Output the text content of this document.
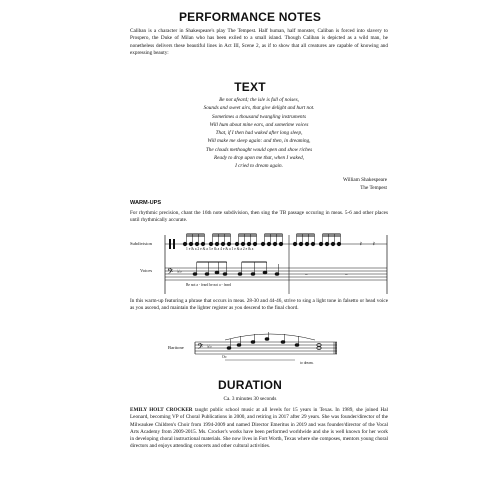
PERFORMANCE NOTES

Caliban is a character in Shakespeare's play The Tempest. Half human, half monster, Caliban is forced into slavery to Prospero, the Duke of Milan who has been exiled to a small island. Though Caliban is depicted as a wild man, he nonetheless delivers these beautiful lines in Act III, Scene 2, as if to show that all creatures are capable of knowing and expressing beauty:

TEXT
Be not afeard; the isle is full of noises,
Sounds and sweet airs, that give delight and hurt not.
Sometimes a thousand twangling instruments
Will hum about mine ears, and sometime voices
That, if I then had waked after long sleep,
Will make me sleep again: and then, in dreaming,
The clouds methought would open and show riches
Ready to drop upon me that, when I waked,
I cried to dream again.
William Shakespeare
The Tempest
WARM-UPS

For rhythmic precision, chant the 16th note subdivision, then sing the TB passage occuring in meas. 5-6 and other places until rhythmically accurate.

Subdivision
Voices
𝄽 𝄽
𝄢 ♭♭	𝄼	𝄼
1 e & a 2 e & a 3 e & a 4 e & a 1 e & a 2 e & a
Be not a - feard be not a - feard

In this warm-up featuring a phrase that occurs in meas. 28-30 and 44-46, strive to sing a light tone in falsetto or head voice as you ascend, and maintain the lighter register as you descend to the final chord.

Baritone 𝄢 ♭♭
Oo
to dream.
DURATION
Ca. 3 minutes 30 seconds

EMILY HOLT CROCKER taught public school music at all levels for 15 years in Texas. In 1989, she joined Hal Leonard, becoming VP of Choral Publications in 2000, and retiring in 2017 after 29 years. She was founder/director of the Milwaukee Children's Choir from 1994-2009 and named Director Emeritus in 2019 and was founder/director of the Vocal Arts Academy from 2009-2015. Ms. Crocker's works have been performed worldwide and she is well known for her work in developing choral instructional materials. She now lives in Fort Worth, Texas where she composes, mentors young choral directors and enjoys attending concerts and other cultural activities.
